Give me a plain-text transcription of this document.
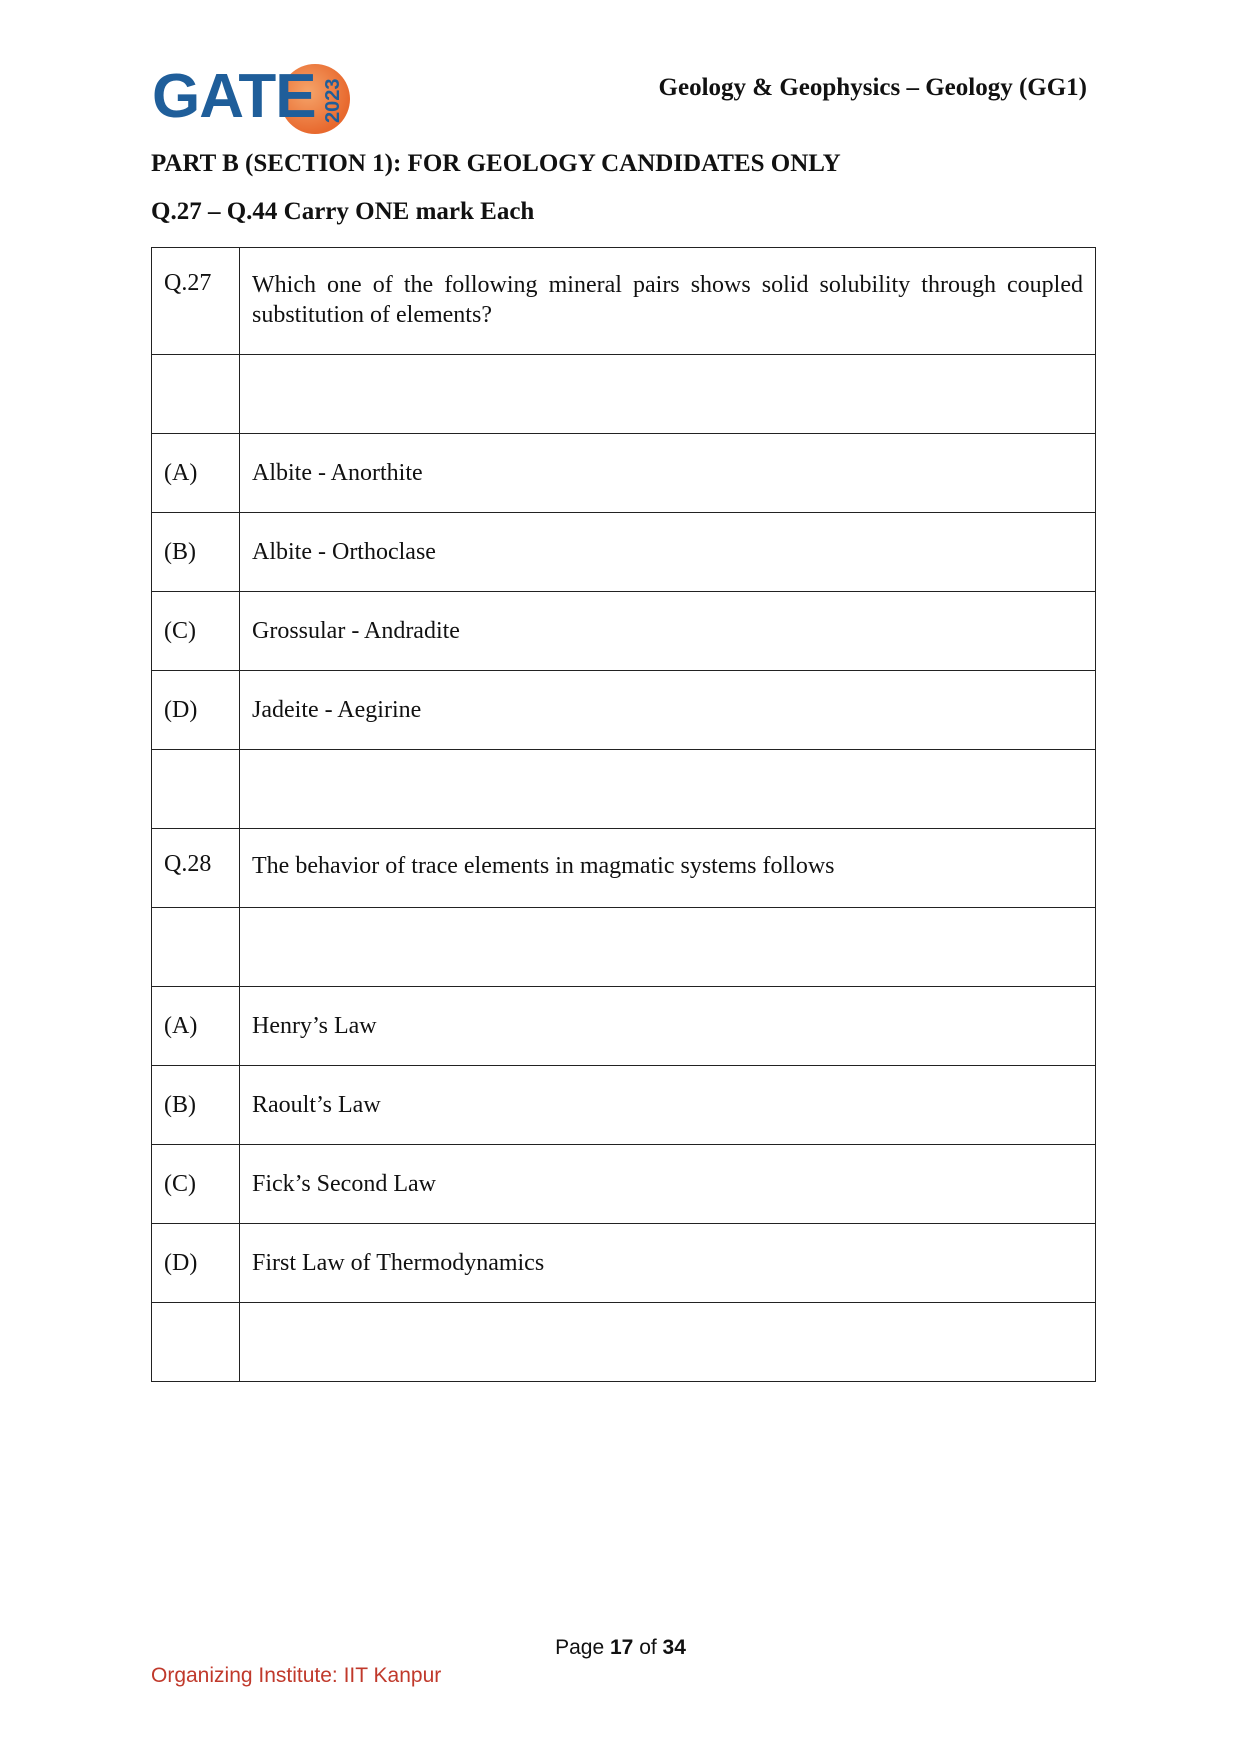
GATE 2023	Geology & Geophysics – Geology (GG1)
PART B (SECTION 1): FOR GEOLOGY CANDIDATES ONLY
Q.27 – Q.44 Carry ONE mark Each
Q.27	Which one of the following mineral pairs shows solid solubility through coupled substitution of elements?

(A)	Albite - Anorthite
(B)	Albite - Orthoclase
(C)	Grossular - Andradite
(D)	Jadeite - Aegirine

Q.28	The behavior of trace elements in magmatic systems follows

(A)	Henry’s Law
(B)	Raoult’s Law
(C)	Fick’s Second Law
(D)	First Law of Thermodynamics

Page 17 of 34
Organizing Institute: IIT Kanpur
